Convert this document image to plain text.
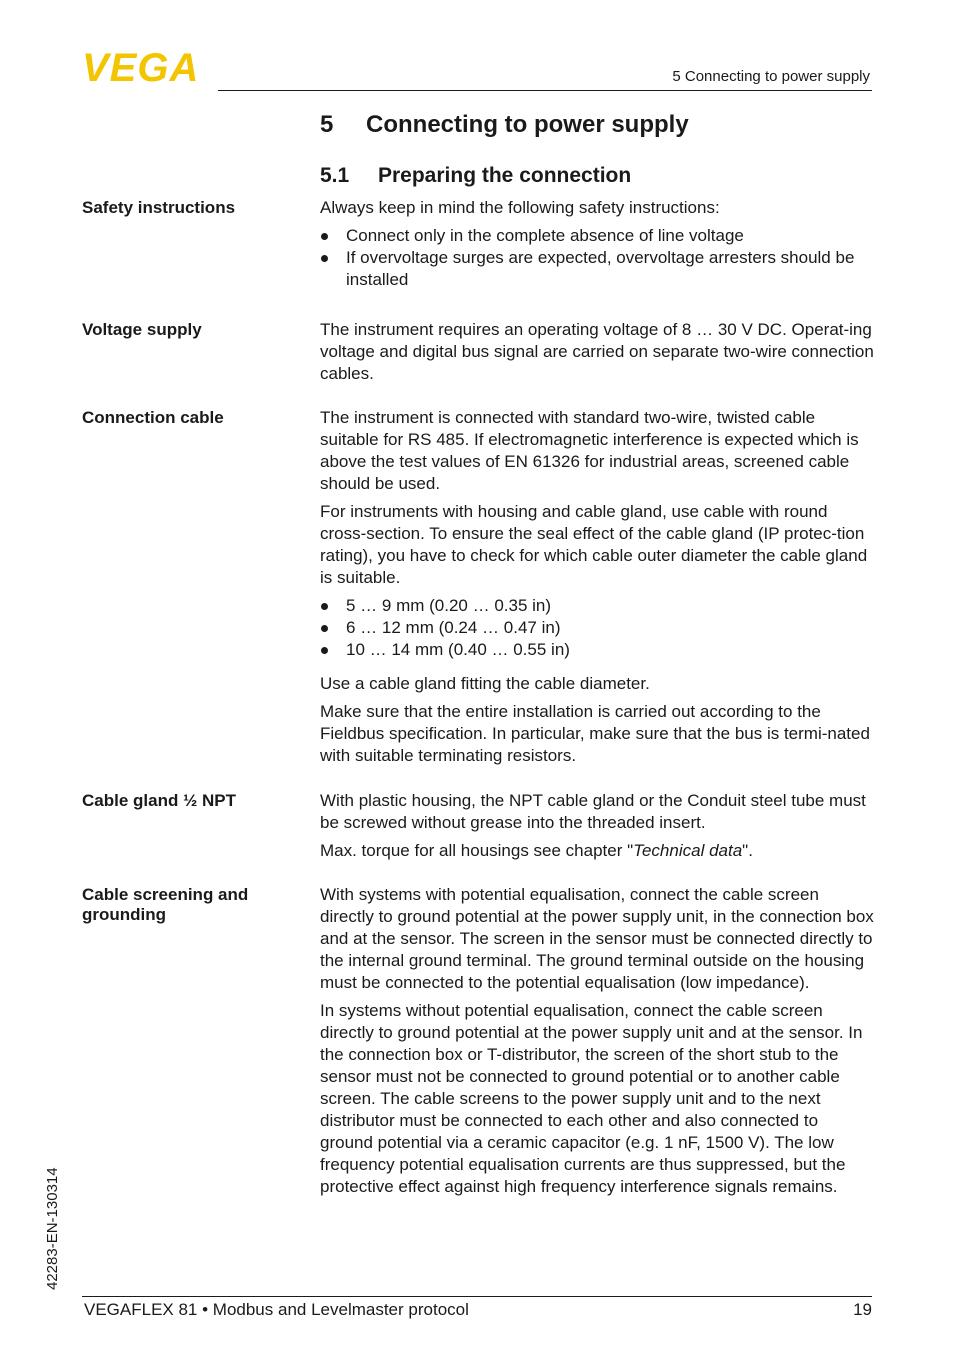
VEGA	5 Connecting to power supply
5 Connecting to power supply
5.1 Preparing the connection
Safety instructions	Always keep in mind the following safety instructions:

Connect only in the complete absence of line voltage
If overvoltage surges are expected, overvoltage arresters should be installed
Voltage supply	The instrument requires an operating voltage of 8 … 30 V DC. Operat-ing voltage and digital bus signal are carried on separate two-wire connection cables.

Connection cable	The instrument is connected with standard two-wire, twisted cable suitable for RS 485. If electromagnetic interference is expected which is above the test values of EN 61326 for industrial areas, screened cable should be used.

For instruments with housing and cable gland, use cable with round cross-section. To ensure the seal effect of the cable gland (IP protec-tion rating), you have to check for which cable outer diameter the cable gland is suitable.

5 … 9 mm (0.20 … 0.35 in)
6 … 12 mm (0.24 … 0.47 in)
10 … 14 mm (0.40 … 0.55 in)

Use a cable gland fitting the cable diameter.

Make sure that the entire installation is carried out according to the Fieldbus specification. In particular, make sure that the bus is termi-nated with suitable terminating resistors.

Cable gland ½ NPT	With plastic housing, the NPT cable gland or the Conduit steel tube must be screwed without grease into the threaded insert.

Max. torque for all housings see chapter "Technical data".

Cable screening and grounding

With systems with potential equalisation, connect the cable screen directly to ground potential at the power supply unit, in the connection box and at the sensor. The screen in the sensor must be connected directly to the internal ground terminal. The ground terminal outside on the housing must be connected to the potential equalisation (low impedance).

In systems without potential equalisation, connect the cable screen directly to ground potential at the power supply unit and at the sensor. In the connection box or T-distributor, the screen of the short stub to the sensor must not be connected to ground potential or to another cable screen. The cable screens to the power supply unit and to the next distributor must be connected to each other and also connected to ground potential via a ceramic capacitor (e.g. 1 nF, 1500 V). The low frequency potential equalisation currents are thus suppressed, but the protective effect against high frequency interference signals remains.

42283-EN-130314
VEGAFLEX 81 • Modbus and Levelmaster protocol	19
